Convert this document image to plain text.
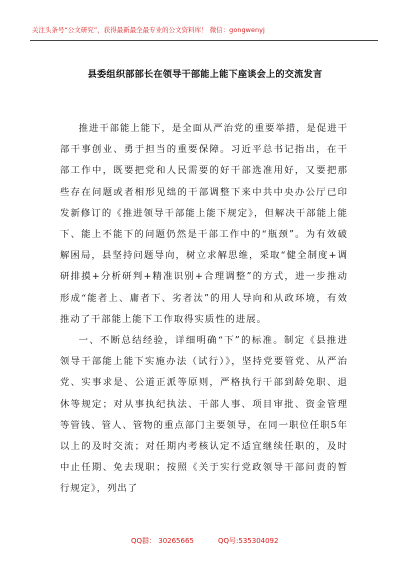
关注头条号“公文研究”，获得最新最全最专业的公文资料库！ 微信：gongwenyj
县委组织部部长在领导干部能上能下座谈会上的交流发言

推进干部能上能下，是全面从严治党的重要举措，是促进干部干事创业、勇于担当的重要保障。习近平总书记指出，在干部工作中，既要把党和人民需要的好干部选准用好，又要把那些存在问题或者相形见绌的干部调整下来中共中央办公厅已印发新修订的《推进领导干部能上能下规定》，但解决干部能上能下、能上不能下的问题仍然是干部工作中的“瓶颈”。为有效破解困局，县坚持问题导向，树立求解思维，采取“健全制度+调研排摸+分析研判+精准识别+合理调整”的方式，进一步推动形成“能者上、庸者下、劣者汰”的用人导向和从政环境，有效推动了干部能上能下工作取得实质性的进展。

一、不断总结经验，详细明确“下”的标准。制定《县推进领导干部能上能下实施办法（试行）》，坚持党要管党、从严治党、实事求是、公道正派等原则，严格执行干部到龄免职、退休等规定；对从事执纪执法、干部人事、项目审批、资金管理等管钱、管人、管物的重点部门主要领导，在同一职位任职5年以上的及时交流；对任期内考核认定不适宜继续任职的，及时中止任期、免去现职；按照《关于实行党政领导干部问责的暂行规定》，列出了

QQ群： 30265665	QQ号:535304092
